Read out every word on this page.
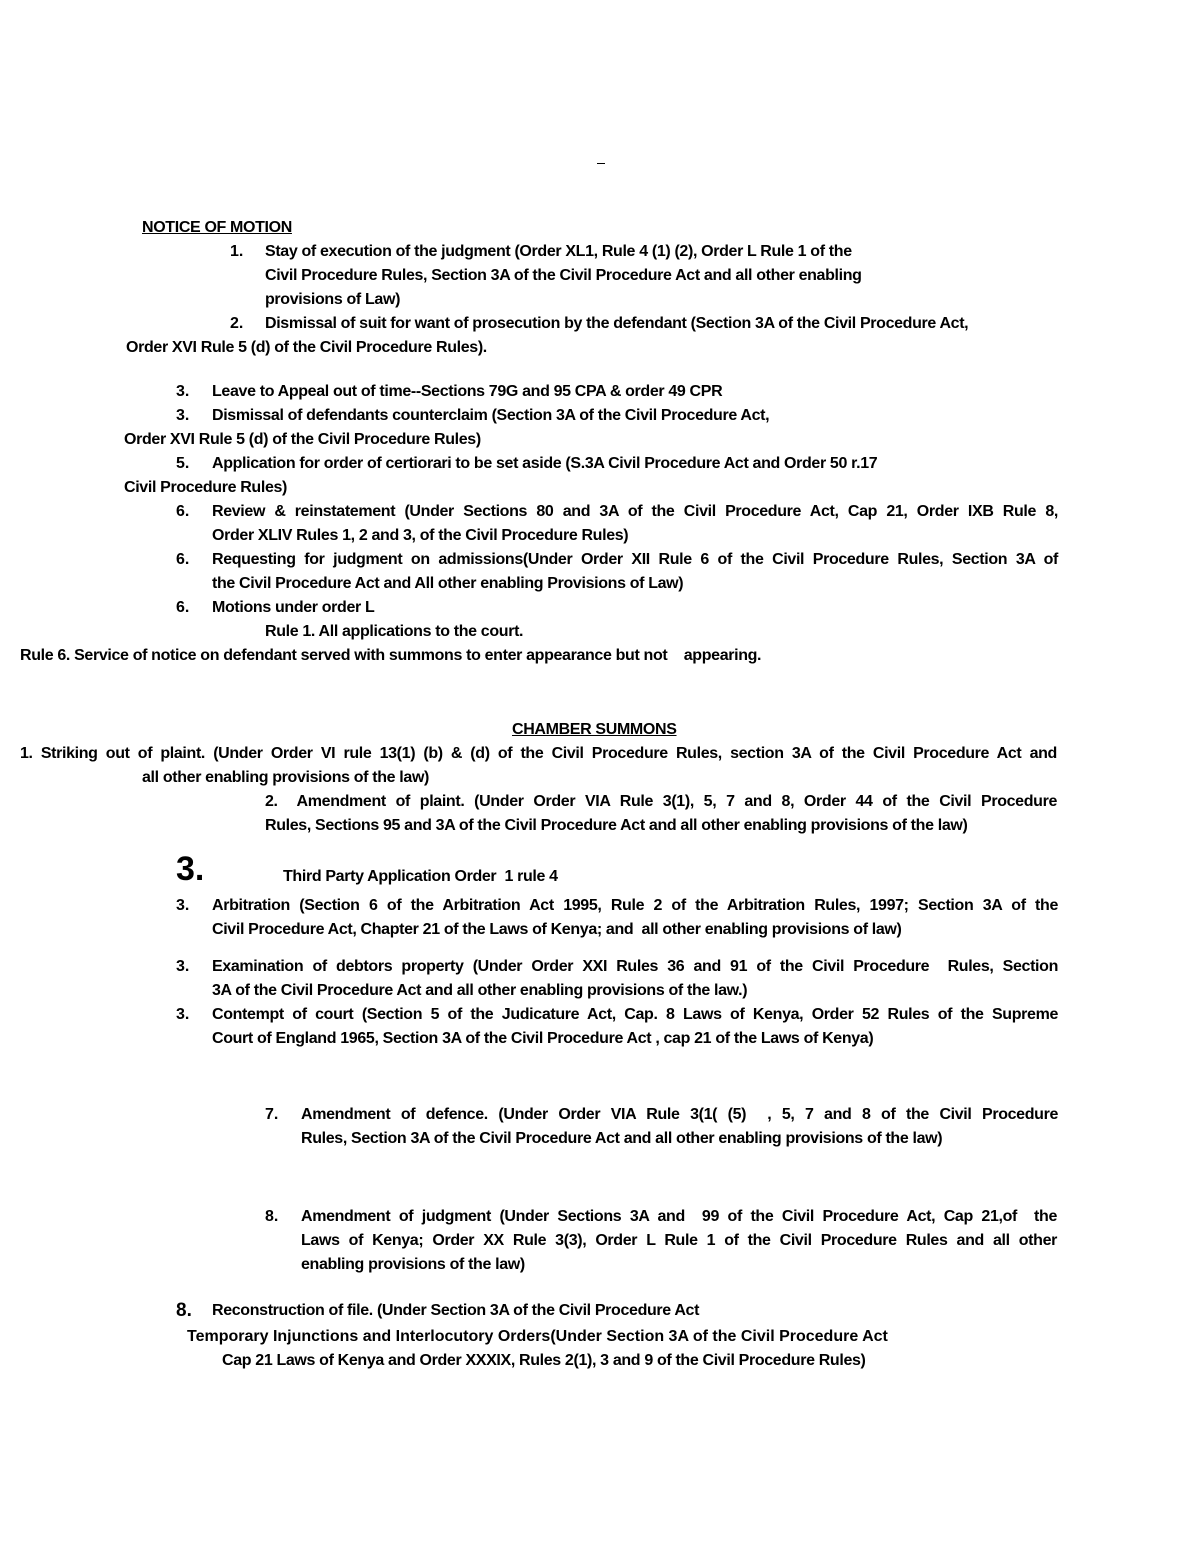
NOTICE OF MOTION

1. Stay of execution of the judgment (Order XL1, Rule 4 (1) (2), Order L Rule 1 of the

Civil Procedure Rules, Section 3A of the Civil Procedure Act and all other enabling

provisions of Law)

2. Dismissal of suit for want of prosecution by the defendant (Section 3A of the Civil Procedure Act,

Order XVI Rule 5 (d) of the Civil Procedure Rules).

3. Leave to Appeal out of time--Sections 79G and 95 CPA & order 49 CPR

3. Dismissal of defendants counterclaim (Section 3A of the Civil Procedure Act,

Order XVI Rule 5 (d) of the Civil Procedure Rules)

5. Application for order of certiorari to be set aside (S.3A Civil Procedure Act and Order 50 r.17

Civil Procedure Rules)

6. Review & reinstatement (Under Sections 80 and 3A of the Civil Procedure Act, Cap 21, Order IXB Rule 8,

Order XLIV Rules 1, 2 and 3, of the Civil Procedure Rules)

6. Requesting for judgment on admissions(Under Order XII Rule 6 of the Civil Procedure Rules, Section 3A of

the Civil Procedure Act and All other enabling Provisions of Law)

6. Motions under order L

Rule 1. All applications to the court.

Rule 6. Service of notice on defendant served with summons to enter appearance but not    appearing.

CHAMBER SUMMONS

1. Striking out of plaint. (Under Order VI rule 13(1) (b) & (d) of the Civil Procedure Rules, section 3A of the Civil Procedure Act and

all other enabling provisions of the law)

2.  Amendment of plaint. (Under Order VIA Rule 3(1), 5, 7 and 8, Order 44 of the Civil Procedure

Rules, Sections 95 and 3A of the Civil Procedure Act and all other enabling provisions of the law)

3.	Third Party Application Order  1 rule 4

3. Arbitration (Section 6 of the Arbitration Act 1995, Rule 2 of the Arbitration Rules, 1997; Section 3A of the

Civil Procedure Act, Chapter 21 of the Laws of Kenya; and  all other enabling provisions of law)

3. Examination of debtors property (Under Order XXI Rules 36 and 91 of the Civil Procedure  Rules, Section

3A of the Civil Procedure Act and all other enabling provisions of the law.)

3. Contempt of court (Section 5 of the Judicature Act, Cap. 8 Laws of Kenya, Order 52 Rules of the Supreme

Court of England 1965, Section 3A of the Civil Procedure Act , cap 21 of the Laws of Kenya)

7. Amendment of defence. (Under Order VIA Rule 3(1( (5)  , 5, 7 and 8 of the Civil Procedure

Rules, Section 3A of the Civil Procedure Act and all other enabling provisions of the law)

8. Amendment of judgment (Under Sections 3A and  99 of the Civil Procedure Act, Cap 21,of  the

Laws of Kenya; Order XX Rule 3(3), Order L Rule 1 of the Civil Procedure Rules and all other

enabling provisions of the law)

8. Reconstruction of file. (Under Section 3A of the Civil Procedure Act

Temporary Injunctions and Interlocutory Orders(Under Section 3A of the Civil Procedure Act

Cap 21 Laws of Kenya and Order XXXIX, Rules 2(1), 3 and 9 of the Civil Procedure Rules)
